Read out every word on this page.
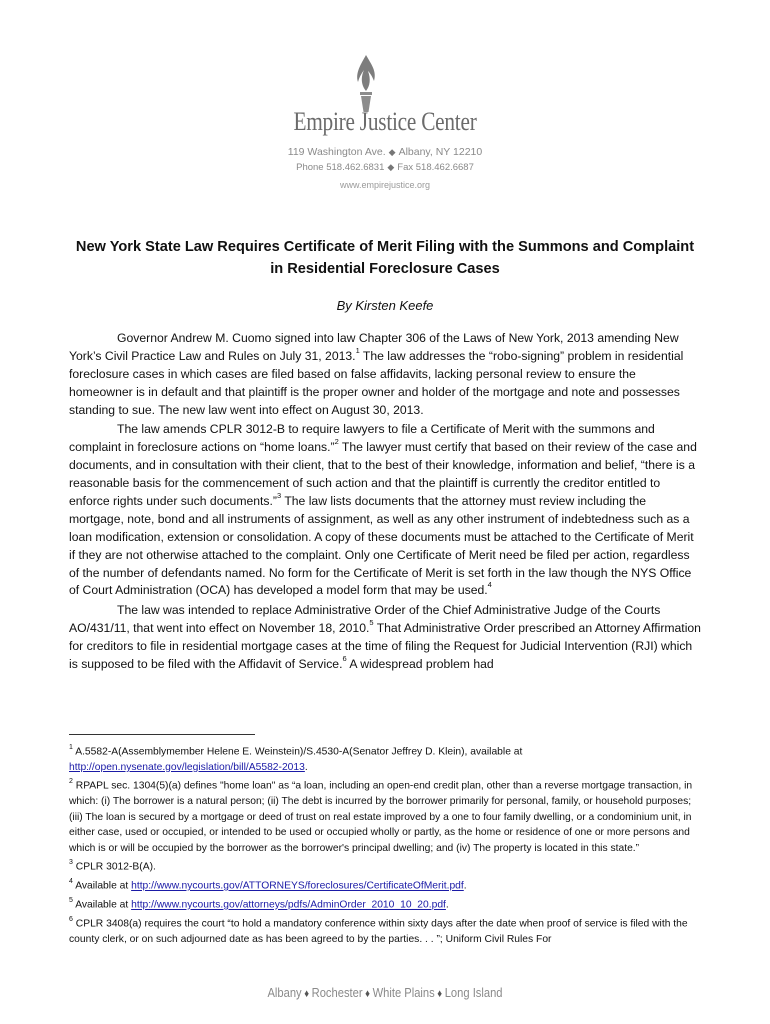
Empire Justice Center
119 Washington Ave. ◆ Albany, NY 12210
Phone 518.462.6831 ◆ Fax 518.462.6687
www.empirejustice.org
New York State Law Requires Certificate of Merit Filing with the Summons and Complaint in Residential Foreclosure Cases
By Kirsten Keefe

Governor Andrew M. Cuomo signed into law Chapter 306 of the Laws of New York, 2013 amending New York’s Civil Practice Law and Rules on July 31, 2013.$^1$ The law addresses the “robo-signing” problem in residential foreclosure cases in which cases are filed based on false affidavits, lacking personal review to ensure the homeowner is in default and that plaintiff is the proper owner and holder of the mortgage and note and possesses standing to sue. The new law went into effect on August 30, 2013.

The law amends CPLR 3012-B to require lawyers to file a Certificate of Merit with the summons and complaint in foreclosure actions on “home loans.”$^2$ The lawyer must certify that based on their review of the case and documents, and in consultation with their client, that to the best of their knowledge, information and belief, “there is a reasonable basis for the commencement of such action and that the plaintiff is currently the creditor entitled to enforce rights under such documents.”$^3$ The law lists documents that the attorney must review including the mortgage, note, bond and all instruments of assignment, as well as any other instrument of indebtedness such as a loan modification, extension or consolidation. A copy of these documents must be attached to the Certificate of Merit if they are not otherwise attached to the complaint. Only one Certificate of Merit need be filed per action, regardless of the number of defendants named. No form for the Certificate of Merit is set forth in the law though the NYS Office of Court Administration (OCA) has developed a model form that may be used.$^4$

The law was intended to replace Administrative Order of the Chief Administrative Judge of the Courts AO/431/11, that went into effect on November 18, 2010.$^5$ That Administrative Order prescribed an Attorney Affirmation for creditors to file in residential mortgage cases at the time of filing the Request for Judicial Intervention (RJI) which is supposed to be filed with the Affidavit of Service.$^6$ A widespread problem had

$^1$ A.5582-A(Assemblymember Helene E. Weinstein)/S.4530-A(Senator Jeffrey D. Klein), available at http://open.nysenate.gov/legislation/bill/A5582-2013.
$^2$ RPAPL sec. 1304(5)(a) defines "home loan" as “a loan, including an open-end credit plan, other than a reverse mortgage transaction, in which: (i) The borrower is a natural person; (ii) The debt is incurred by the borrower primarily for personal, family, or household purposes; (iii) The loan is secured by a mortgage or deed of trust on real estate improved by a one to four family dwelling, or a condominium unit, in either case, used or occupied, or intended to be used or occupied wholly or partly, as the home or residence of one or more persons and which is or will be occupied by the borrower as the borrower's principal dwelling; and (iv) The property is located in this state.”
$^3$ CPLR 3012-B(A).
$^4$ Available at http://www.nycourts.gov/ATTORNEYS/foreclosures/CertificateOfMerit.pdf.
$^5$ Available at http://www.nycourts.gov/attorneys/pdfs/AdminOrder_2010_10_20.pdf.
$^6$ CPLR 3408(a) requires the court “to hold a mandatory conference within sixty days after the date when proof of service is filed with the county clerk, or on such adjourned date as has been agreed to by the parties. . . ”; Uniform Civil Rules For
Albany ♦ Rochester ♦ White Plains ♦ Long Island
